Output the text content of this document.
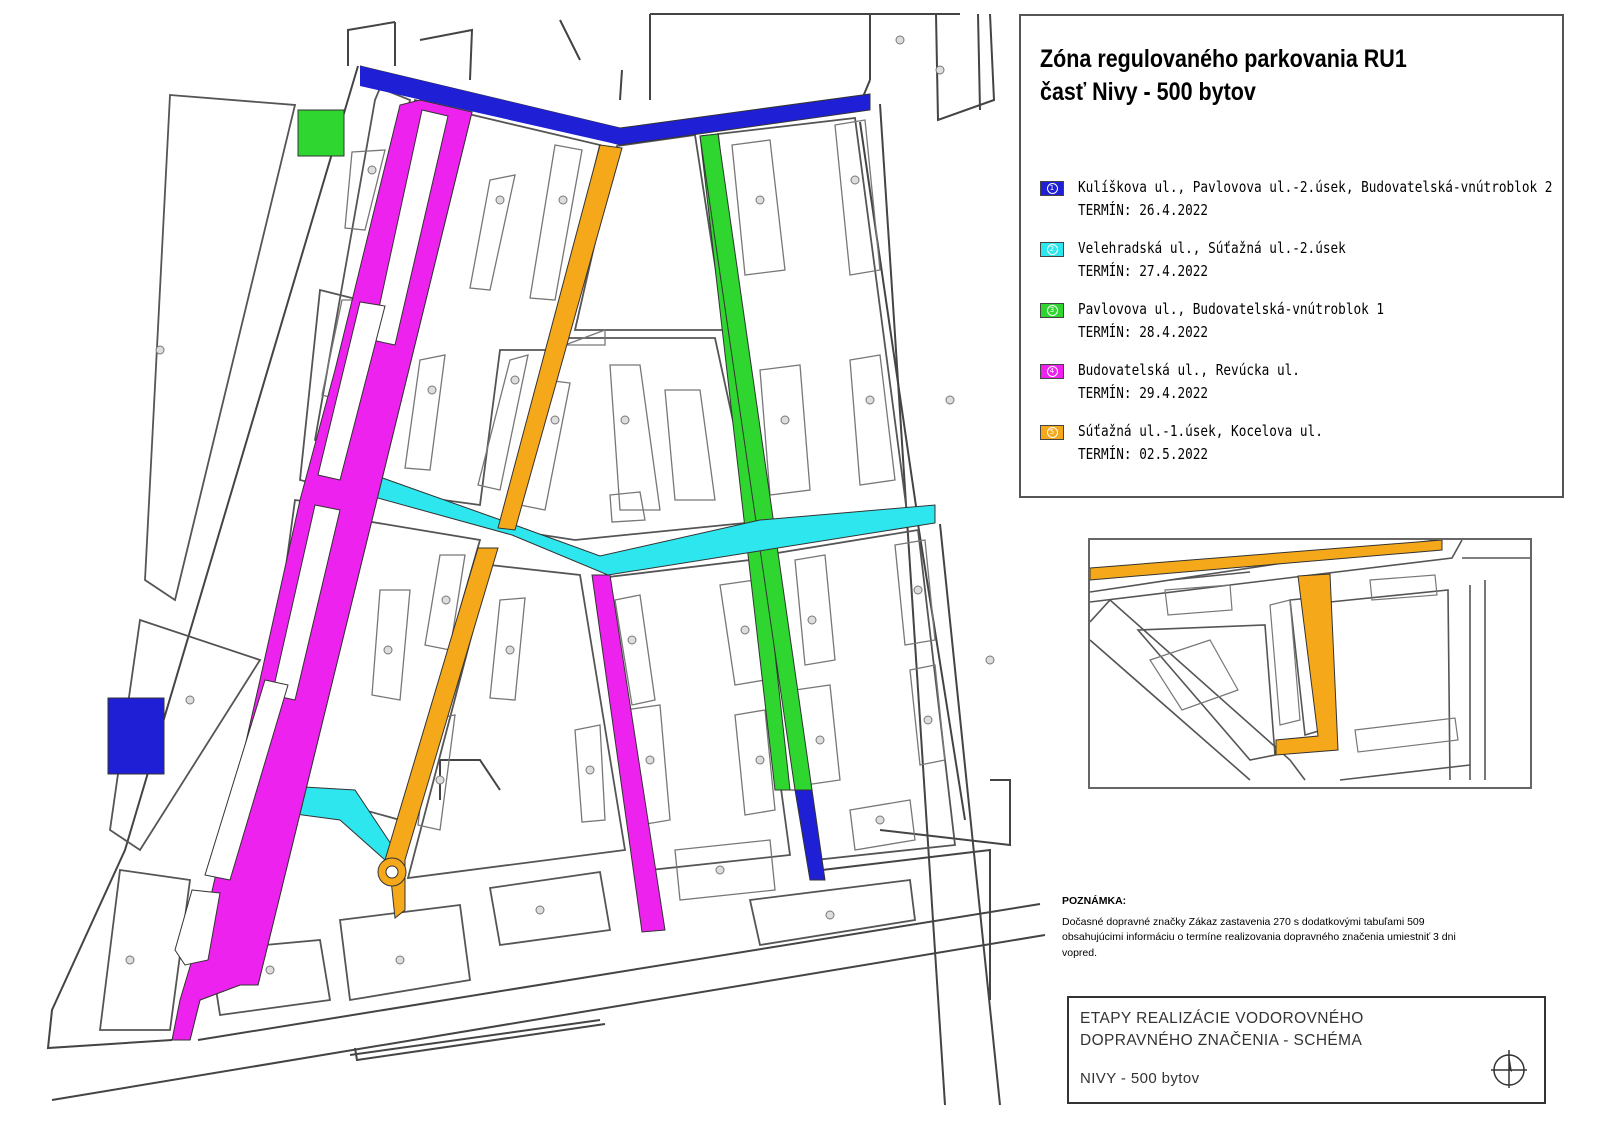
Zóna regulovaného parkovania RU1
časť Nivy - 500 bytov
1 Kulíškova ul., Pavlovova ul.-2.úsek, Budovatelská-vnútroblok 2
TERMÍN: 26.4.2022
2 Velehradská ul., Súťažná ul.-2.úsek
TERMÍN: 27.4.2022
3 Pavlovova ul., Budovatelská-vnútroblok 1
TERMÍN: 28.4.2022
4 Budovatelská ul., Revúcka ul.
TERMÍN: 29.4.2022
5 Súťažná ul.-1.úsek, Kocelova ul.
TERMÍN: 02.5.2022
POZNÁMKA:
Dočasné dopravné značky Zákaz zastavenia 270 s dodatkovými tabuľami 509 obsahujúcimi informáciu o termíne realizovania dopravného značenia umiestniť 3 dni vopred.
ETAPY REALIZÁCIE VODOROVNÉHO
DOPRAVNÉHO ZNAČENIA - SCHÉMA
NIVY - 500 bytov
